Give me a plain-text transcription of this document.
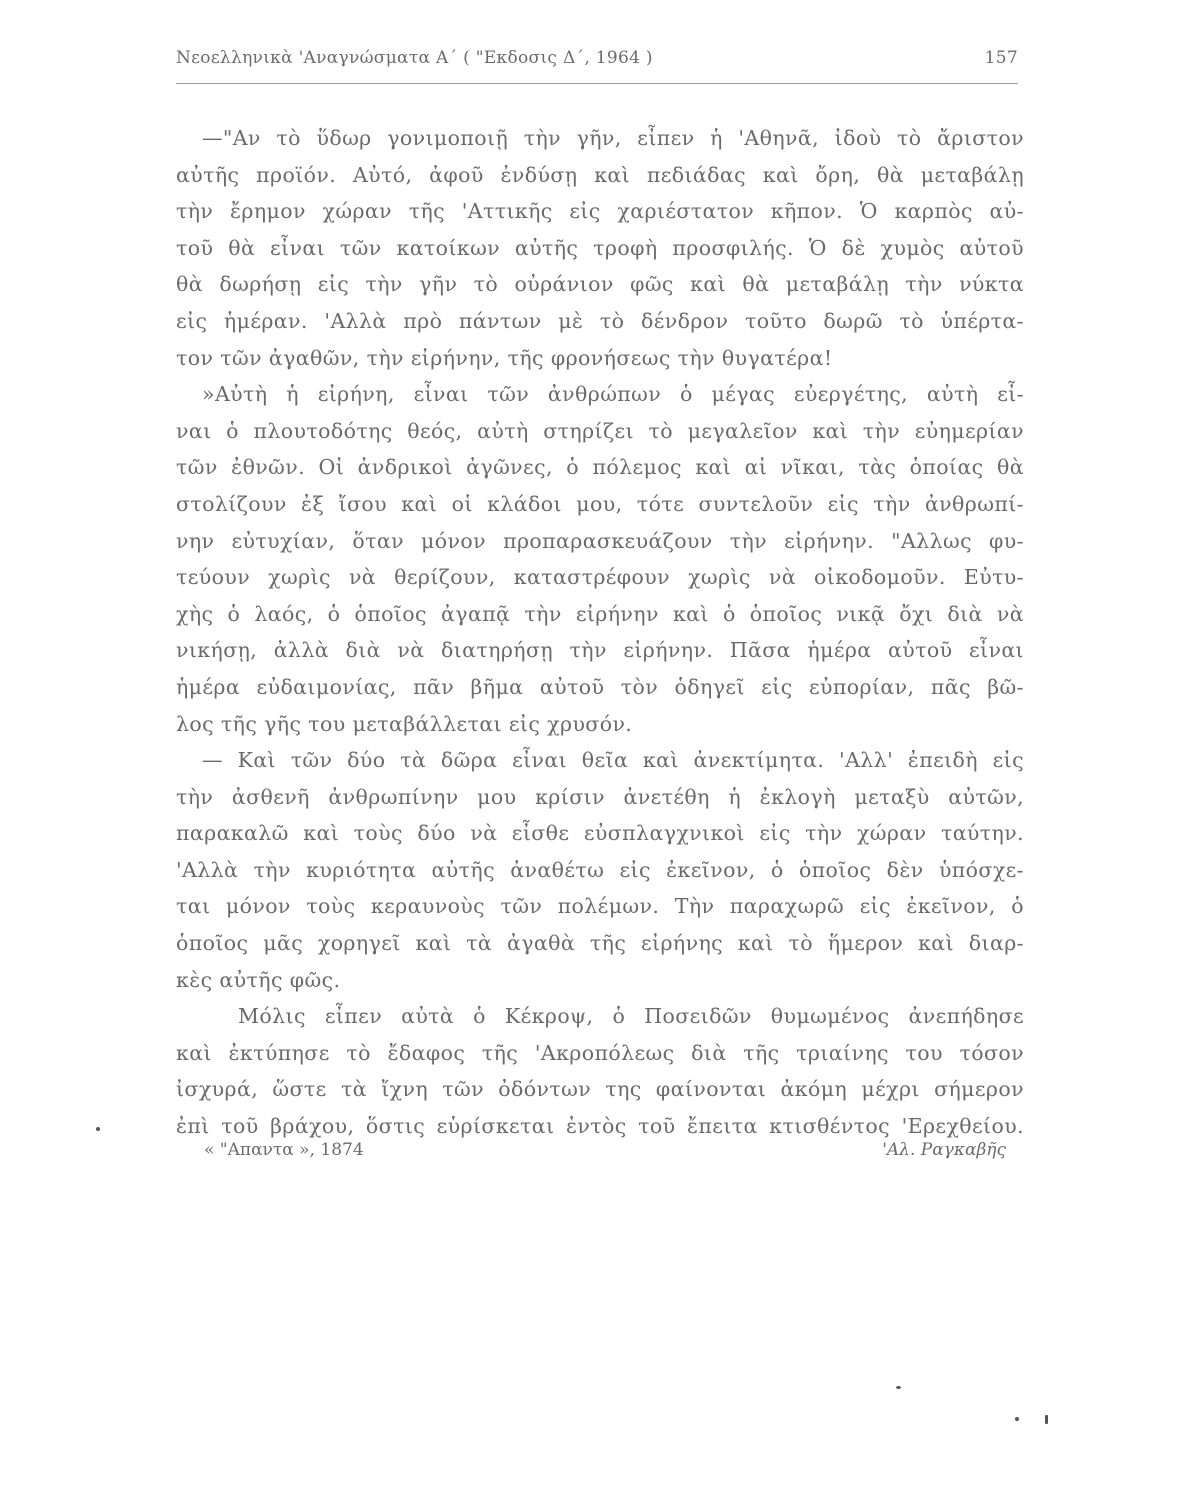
Νεοελληνικὰ 'Αναγνώσματα Α΄ ( "Εκδοσις Δ΄, 1964 )	157
—"Αν τὸ ὕδωρ γονιμοποιῇ τὴν γῆν, εἶπεν ἡ 'Αθηνᾶ, ἰδοὺ τὸ ἄριστον
αὐτῆς προϊόν. Αὐτό, ἀφοῦ ἐνδύσῃ καὶ πεδιάδας καὶ ὄρη, θὰ μεταβάλῃ
τὴν ἔρημον χώραν τῆς 'Αττικῆς εἰς χαριέστατον κῆπον. Ὁ καρπὸς αὐ-
τοῦ θὰ εἶναι τῶν κατοίκων αὐτῆς τροφὴ προσφιλής. Ὁ δὲ χυμὸς αὐτοῦ
θὰ δωρήσῃ εἰς τὴν γῆν τὸ οὐράνιον φῶς καὶ θὰ μεταβάλῃ τὴν νύκτα
εἰς ἡμέραν. 'Αλλὰ πρὸ πάντων μὲ τὸ δένδρον τοῦτο δωρῶ τὸ ὑπέρτα-
τον τῶν ἀγαθῶν, τὴν εἰρήνην, τῆς φρονήσεως τὴν θυγατέρα!
»Αὐτὴ ἡ εἰρήνη, εἶναι τῶν ἀνθρώπων ὁ μέγας εὐεργέτης, αὐτὴ εἶ-
ναι ὁ πλουτοδότης θεός, αὐτὴ στηρίζει τὸ μεγαλεῖον καὶ τὴν εὐημερίαν
τῶν ἐθνῶν. Οἱ ἀνδρικοὶ ἀγῶνες, ὁ πόλεμος καὶ αἱ νῖκαι, τὰς ὁποίας θὰ
στολίζουν ἐξ ἴσου καὶ οἱ κλάδοι μου, τότε συντελοῦν εἰς τὴν ἀνθρωπί-
νην εὐτυχίαν, ὅταν μόνον προπαρασκευάζουν τὴν εἰρήνην. "Αλλως φυ-
τεύουν χωρὶς νὰ θερίζουν, καταστρέφουν χωρὶς νὰ οἰκοδομοῦν. Εὐτυ-
χὴς ὁ λαός, ὁ ὁποῖος ἀγαπᾷ τὴν εἰρήνην καὶ ὁ ὁποῖος νικᾷ ὄχι διὰ νὰ
νικήσῃ, ἀλλὰ διὰ νὰ διατηρήσῃ τὴν εἰρήνην. Πᾶσα ἡμέρα αὐτοῦ εἶναι
ἡμέρα εὐδαιμονίας, πᾶν βῆμα αὐτοῦ τὸν ὁδηγεῖ εἰς εὐπορίαν, πᾶς βῶ-
λος τῆς γῆς του μεταβάλλεται εἰς χρυσόν.
— Καὶ τῶν δύο τὰ δῶρα εἶναι θεῖα καὶ ἀνεκτίμητα. 'Αλλ' ἐπειδὴ εἰς
τὴν ἀσθενῆ ἀνθρωπίνην μου κρίσιν ἀνετέθη ἡ ἐκλογὴ μεταξὺ αὐτῶν,
παρακαλῶ καὶ τοὺς δύο νὰ εἶσθε εὐσπλαγχνικοὶ εἰς τὴν χώραν ταύτην.
'Αλλὰ τὴν κυριότητα αὐτῆς ἀναθέτω εἰς ἐκεῖνον, ὁ ὁποῖος δὲν ὑπόσχε-
ται μόνον τοὺς κεραυνοὺς τῶν πολέμων. Τὴν παραχωρῶ εἰς ἐκεῖνον, ὁ
ὁποῖος μᾶς χορηγεῖ καὶ τὰ ἀγαθὰ τῆς εἰρήνης καὶ τὸ ἥμερον καὶ διαρ-
κὲς αὐτῆς φῶς.
Μόλις εἶπεν αὐτὰ ὁ Κέκροψ, ὁ Ποσειδῶν θυμωμένος ἀνεπήδησε
καὶ ἐκτύπησε τὸ ἔδαφος τῆς 'Ακροπόλεως διὰ τῆς τριαίνης του τόσον
ἰσχυρά, ὥστε τὰ ἴχνη τῶν ὀδόντων της φαίνονται ἀκόμη μέχρι σήμερον
ἐπὶ τοῦ βράχου, ὅστις εὑρίσκεται ἐντὸς τοῦ ἔπειτα κτισθέντος 'Ερεχθείου.
« "Απαντα », 1874	'Αλ. Ραγκαβῆς
